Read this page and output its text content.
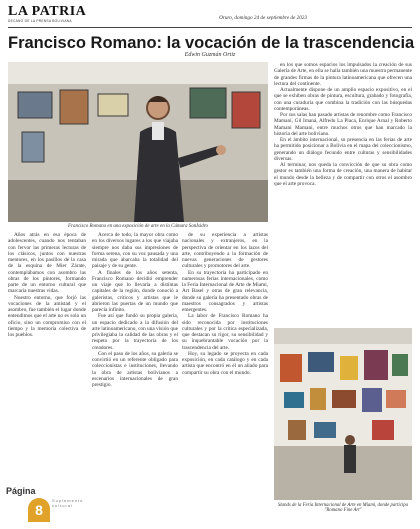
LA PATRIA
DECANO DE LA PRENSA BOLIVIANA	Oruro, domingo 24 de septiembre de 2023
Francisco Romano: la vocación de la trascendencia
Edwin Guzmán Ortiz
Francisco Romano en una exposición de arte en la Cámara SanIsidro

Años atrás en esa época de adolescentes, cuando nos tentaban con fervor las primeras lecturas de los clásicos, juntos con nuestras mentores, en los pasillos de la casa de la esquina de Mier Zárate, contemplábamos con asombro las obras de los pintores, formando parte de un entorno cultural que marcaría nuestras vidas.

Nuestro entorno, que forjó las vocaciones de la amistad y el asombro, fue también el lugar donde entendimos que el arte no es solo un oficio, sino un compromiso con el tiempo y la memoria colectiva de los pueblos.

Acerca de todo, la mayor obra como en los diversos lugares a los que viajaba siempre nos daba sus impresiones de forma serena, con su voz pausada y una mirada que abarcaba la totalidad del paisaje y de su gente.

A finales de los años setenta, Francisco Romano decidió emprender un viaje que lo llevaría a distintas capitales de la región, donde conoció a galeristas, críticos y artistas que le abrieron las puertas de un mundo que parecía infinito.

Fue así que fundó su propia galería, un espacio dedicado a la difusión del arte latinoamericano, con una visión que privilegiaba la calidad de las obras y el respeto por la trayectoria de los creadores.

Con el paso de los años, su galería se convirtió en un referente obligado para coleccionistas e instituciones, llevando la obra de artistas bolivianos a escenarios internacionales de gran prestigio.

de su experiencia a artistas nacionales y extranjeros, en la perspectiva de orientar en los lazos del arte, contribuyendo a la formación de nuevas generaciones de gestores culturales y promotores del arte.

En su trayectoria ha participado en numerosas ferias internacionales, como la Feria Internacional de Arte de Miami, Art Basel y otras de gran relevancia, donde su galería ha presentado obras de maestros consagrados y artistas emergentes.

La labor de Francisco Romano ha sido reconocida por instituciones culturales y por la crítica especializada, que destacan su rigor, su sensibilidad y su inquebrantable vocación por la trascendencia del arte.

Hoy, su legado se proyecta en cada exposición, en cada catálogo y en cada artista que encontró en él un aliado para compartir su obra con el mundo.

en los que somos espacios los impulsados la creación de sus Galería de Arte, en ella se halla también una muestra permanente de grandes firmas de la pintura latinoamericana que ofrecen una lectura del continente.

Actualmente dispone de un amplio espacio expositivo, en el que se exhiben obras de pintura, escultura, grabado y fotografía, con una curaduría que combina la tradición con las búsquedas contemporáneas.

Por sus salas han pasado artistas de renombre como Francisco Mamani, Gil Imaná, Alfredo La Placa, Enrique Arnal y Roberto Mamani Mamani, entre muchos otros que han marcado la historia del arte boliviano.

En el ámbito internacional, su presencia en las ferias de arte ha permitido posicionar a Bolivia en el mapa del coleccionismo, generando un diálogo fecundo entre culturas y sensibilidades diversas.

Al terminar, nos queda la convicción de que su obra como gestor es también una forma de creación, una manera de habitar el mundo desde la belleza y de compartir con otros el asombro que el arte provoca.

Stands de la Feria Internacional de Arte en Miami, donde participa "Romano Fine Art"
Página
8
Suplemento cultural
